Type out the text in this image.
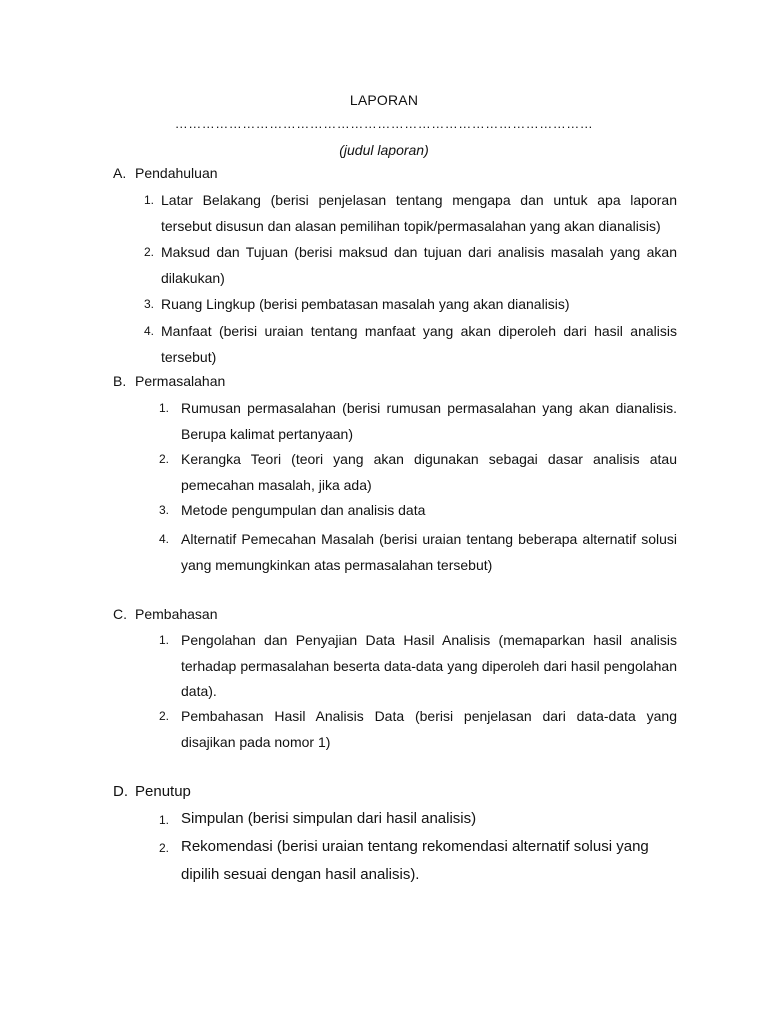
LAPORAN
…………………………………………………………………………………
(judul laporan)
A. Pendahuluan
1. Latar Belakang (berisi penjelasan tentang mengapa dan untuk apa laporan tersebut disusun dan alasan pemilihan topik/permasalahan yang akan dianalisis)
2. Maksud dan Tujuan (berisi maksud dan tujuan dari analisis masalah yang akan dilakukan)
3. Ruang Lingkup (berisi pembatasan masalah yang akan dianalisis)
4. Manfaat (berisi uraian tentang manfaat yang akan diperoleh dari hasil analisis tersebut)
B. Permasalahan
1. Rumusan permasalahan (berisi rumusan permasalahan yang akan dianalisis. Berupa kalimat pertanyaan)
2. Kerangka Teori (teori yang akan digunakan sebagai dasar analisis atau pemecahan masalah, jika ada)
3. Metode pengumpulan dan analisis data
4. Alternatif Pemecahan Masalah (berisi uraian tentang beberapa alternatif solusi yang memungkinkan atas permasalahan tersebut)
C. Pembahasan
1. Pengolahan dan Penyajian Data Hasil Analisis (memaparkan hasil analisis terhadap permasalahan beserta data-data yang diperoleh dari hasil pengolahan data).
2. Pembahasan Hasil Analisis Data (berisi penjelasan dari data-data yang disajikan pada nomor 1)
D. Penutup
1. Simpulan (berisi simpulan dari hasil analisis)
2. Rekomendasi (berisi uraian tentang rekomendasi alternatif solusi yang dipilih sesuai dengan hasil analisis).
